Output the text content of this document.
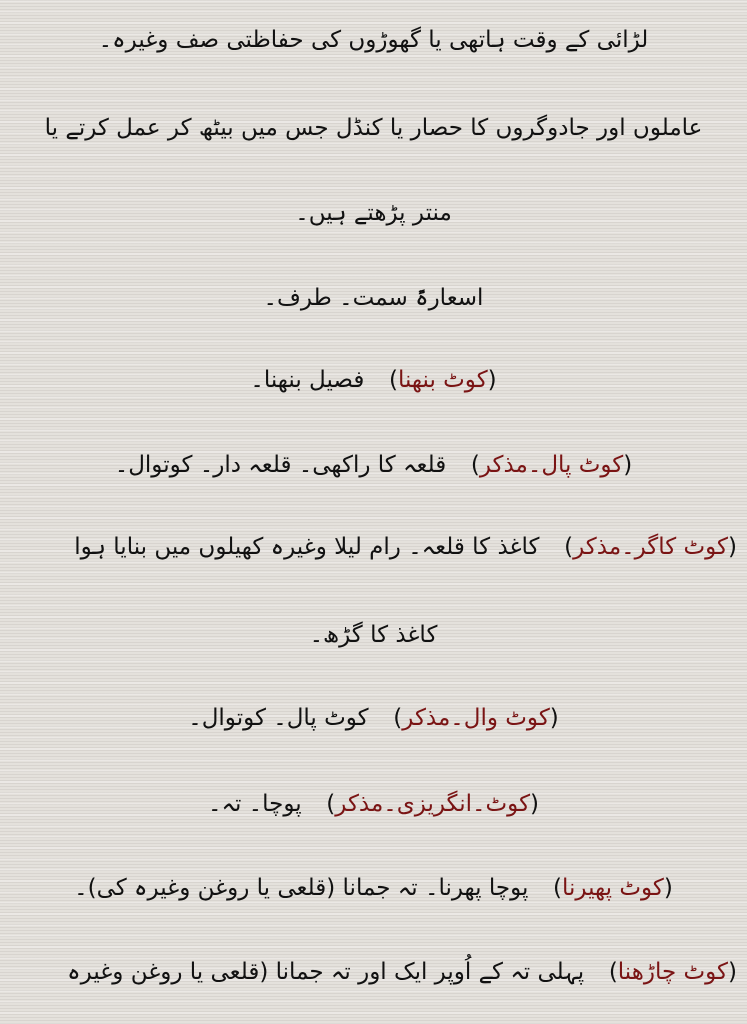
لڑائی کے وقت ہاتھی یا گھوڑوں کی حفاظتی صف وغیرہ۔
عاملوں اور جادوگروں کا حصار یا کنڈل جس میں بیٹھ کر عمل کرتے یا
منتر پڑھتے ہیں۔
اسعارۃً سمت۔ طرف۔
(کوٹ بنھنا)  فصیل بنھنا۔
(کوٹ پال۔مذکر)  قلعہ کا راکھی۔ قلعہ دار۔ کوتوال۔
(کوٹ کاگر۔مذکر)  کاغذ کا قلعہ۔ رام لیلا وغیرہ کھیلوں میں بنایا ہوا
کاغذ کا گڑھ۔
(کوٹ وال۔مذکر)  کوٹ پال۔ کوتوال۔
(کوٹ۔انگریزی۔مذکر)  پوچا۔ تہ۔
(کوٹ پھیرنا)  پوچا پھرنا۔ تہ جمانا (قلعی یا روغن وغیرہ کی)۔
(کوٹ چاڑھنا)  پہلی تہ کے اُوپر ایک اور تہ جمانا (قلعی یا روغن وغیرہ
